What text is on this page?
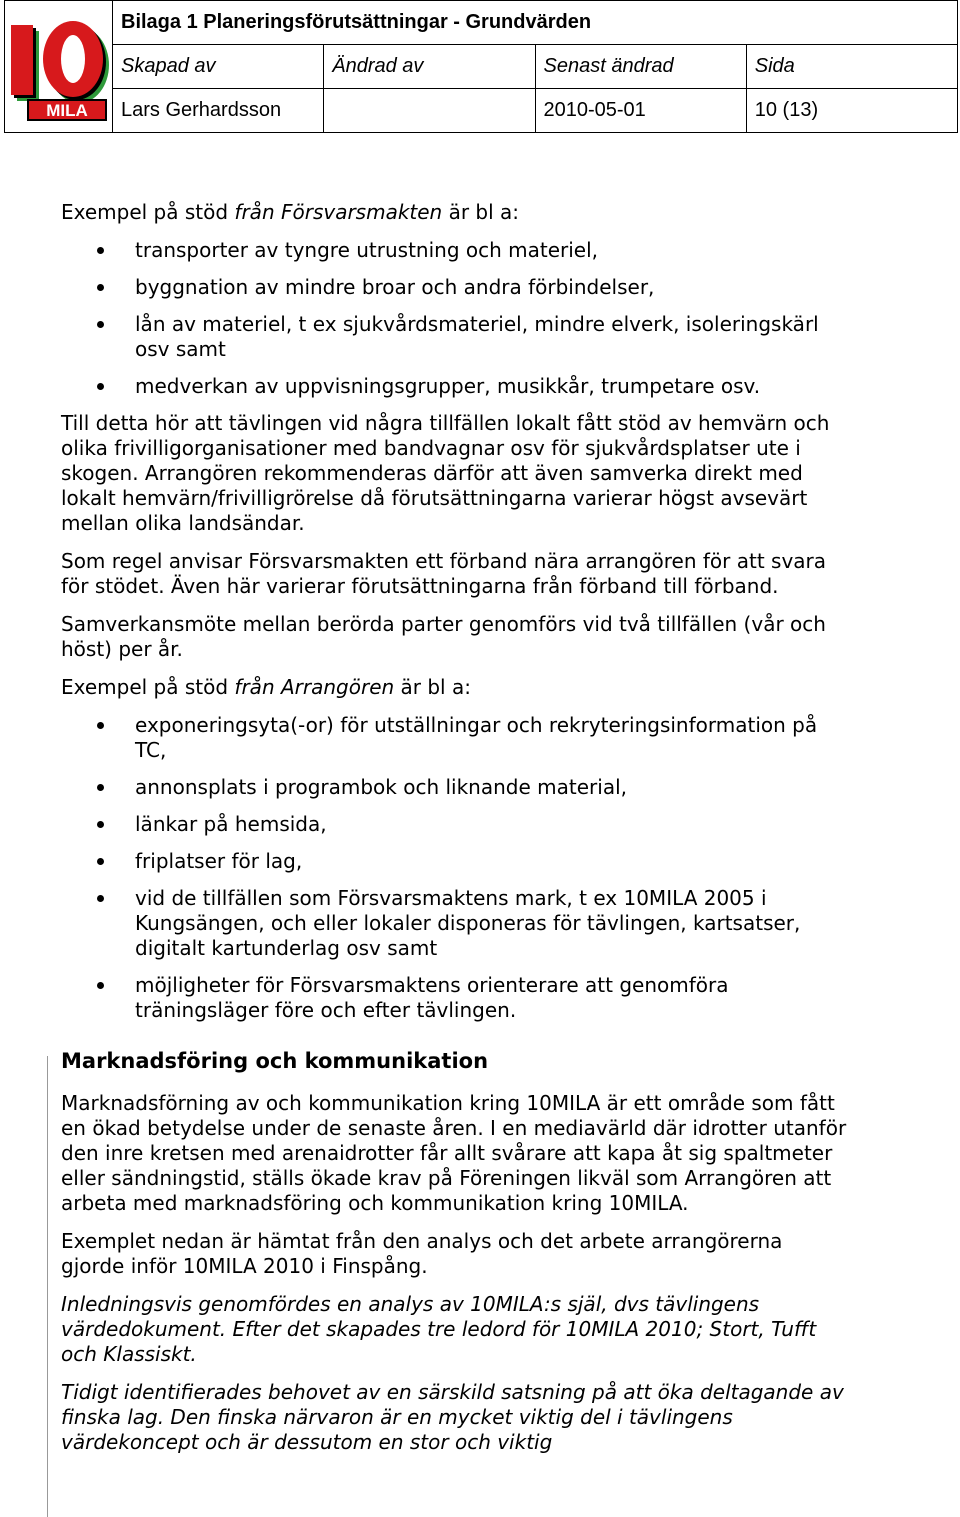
MILA	Bilaga 1 Planeringsförutsättningar - Grundvärden			
	Skapad av	Ändrad av	Senast ändrad	Sida
	Lars Gerhardsson		2010-05-01	10 (13)

Exempel på stöd från Försvarsmakten är bl a:

transporter av tyngre utrustning och materiel,
byggnation av mindre broar och andra förbindelser,
lån av materiel, t ex sjukvårdsmateriel, mindre elverk, isoleringskärl osv samt
medverkan av uppvisningsgrupper, musikkår, trumpetare osv.

Till detta hör att tävlingen vid några tillfällen lokalt fått stöd av hemvärn och olika frivilligorganisationer med bandvagnar osv för sjukvårdsplatser ute i skogen. Arrangören rekommenderas därför att även samverka direkt med lokalt hemvärn/frivilligrörelse då förutsättningarna varierar högst avsevärt mellan olika landsändar.

Som regel anvisar Försvarsmakten ett förband nära arrangören för att svara för stödet. Även här varierar förutsättningarna från förband till förband.

Samverkansmöte mellan berörda parter genomförs vid två tillfällen (vår och höst) per år.

Exempel på stöd från Arrangören är bl a:

exponeringsyta(-or) för utställningar och rekryteringsinformation på TC,
annonsplats i programbok och liknande material,
länkar på hemsida,
friplatser för lag,
vid de tillfällen som Försvarsmaktens mark, t ex 10MILA 2005 i Kungsängen, och eller lokaler disponeras för tävlingen, kartsatser, digitalt kartunderlag osv samt
möjligheter för Försvarsmaktens orienterare att genomföra träningsläger före och efter tävlingen.
Marknadsföring och kommunikation

Marknadsförning av och kommunikation kring 10MILA är ett område som fått en ökad betydelse under de senaste åren. I en mediavärld där idrotter utanför den inre kretsen med arenaidrotter får allt svårare att kapa åt sig spaltmeter eller sändningstid, ställs ökade krav på Föreningen likväl som Arrangören att arbeta med marknadsföring och kommunikation kring 10MILA.

Exemplet nedan är hämtat från den analys och det arbete arrangörerna gjorde inför 10MILA 2010 i Finspång.

Inledningsvis genomfördes en analys av 10MILA:s själ, dvs tävlingens värdedokument. Efter det skapades tre ledord för 10MILA 2010; Stort, Tufft och Klassiskt.

Tidigt identifierades behovet av en särskild satsning på att öka deltagande av finska lag. Den finska närvaron är en mycket viktig del i tävlingens värdekoncept och är dessutom en stor och viktig
